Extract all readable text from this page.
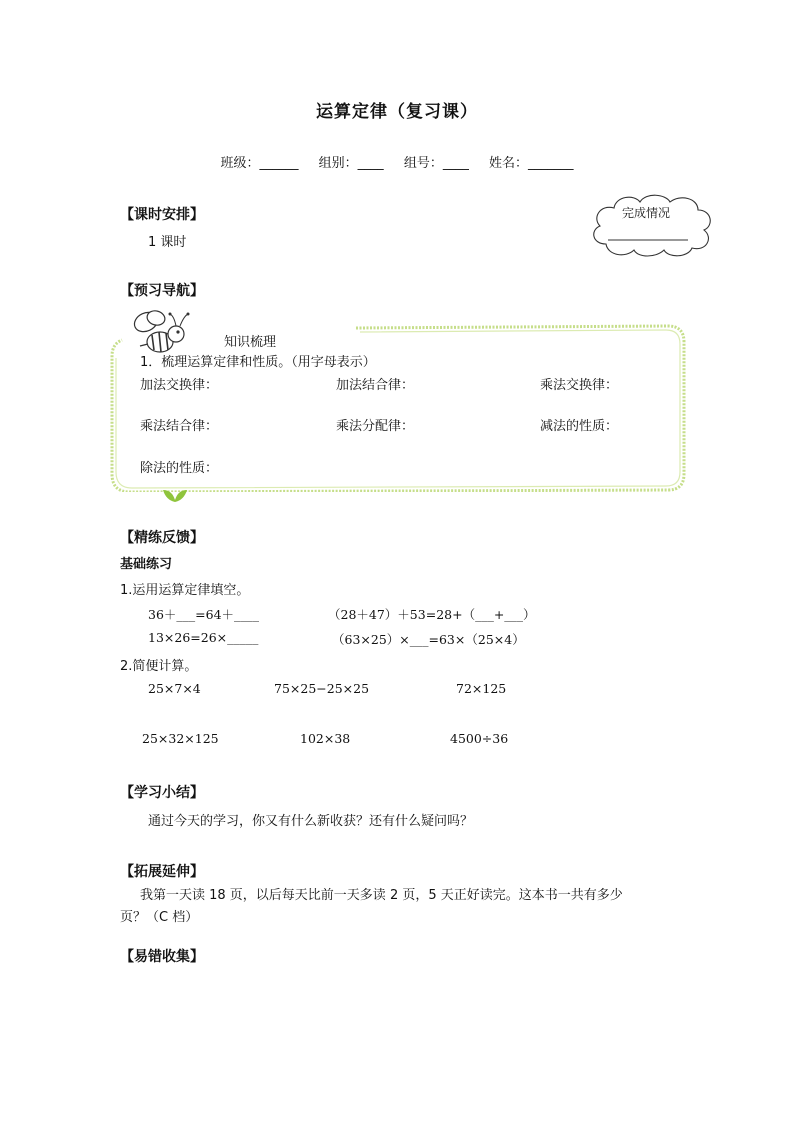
运算定律（复习课）
班级：______ 组别：____ 组号：____ 姓名：_______
【课时安排】
1 课时
完成情况
【预习导航】
知识梳理
1．梳理运算定律和性质。（用字母表示）
加法交换律：	加法结合律：	乘法交换律：
乘法结合律：	乘法分配律：	减法的性质：
除法的性质：
【精练反馈】
基础练习
1.运用运算定律填空。
36＋___=64＋____	（28＋47）＋53=28+（___+___）
13×26=26×_____	（63×25）×___=63×（25×4）
2.简便计算。
25×7×4	75×25−25×25	72×125
25×32×125	102×38	4500÷36
【学习小结】
通过今天的学习，你又有什么新收获？还有什么疑问吗？
【拓展延伸】
我第一天读 18 页，以后每天比前一天多读 2 页，5 天正好读完。这本书一共有多少
页？（C 档）
【易错收集】
